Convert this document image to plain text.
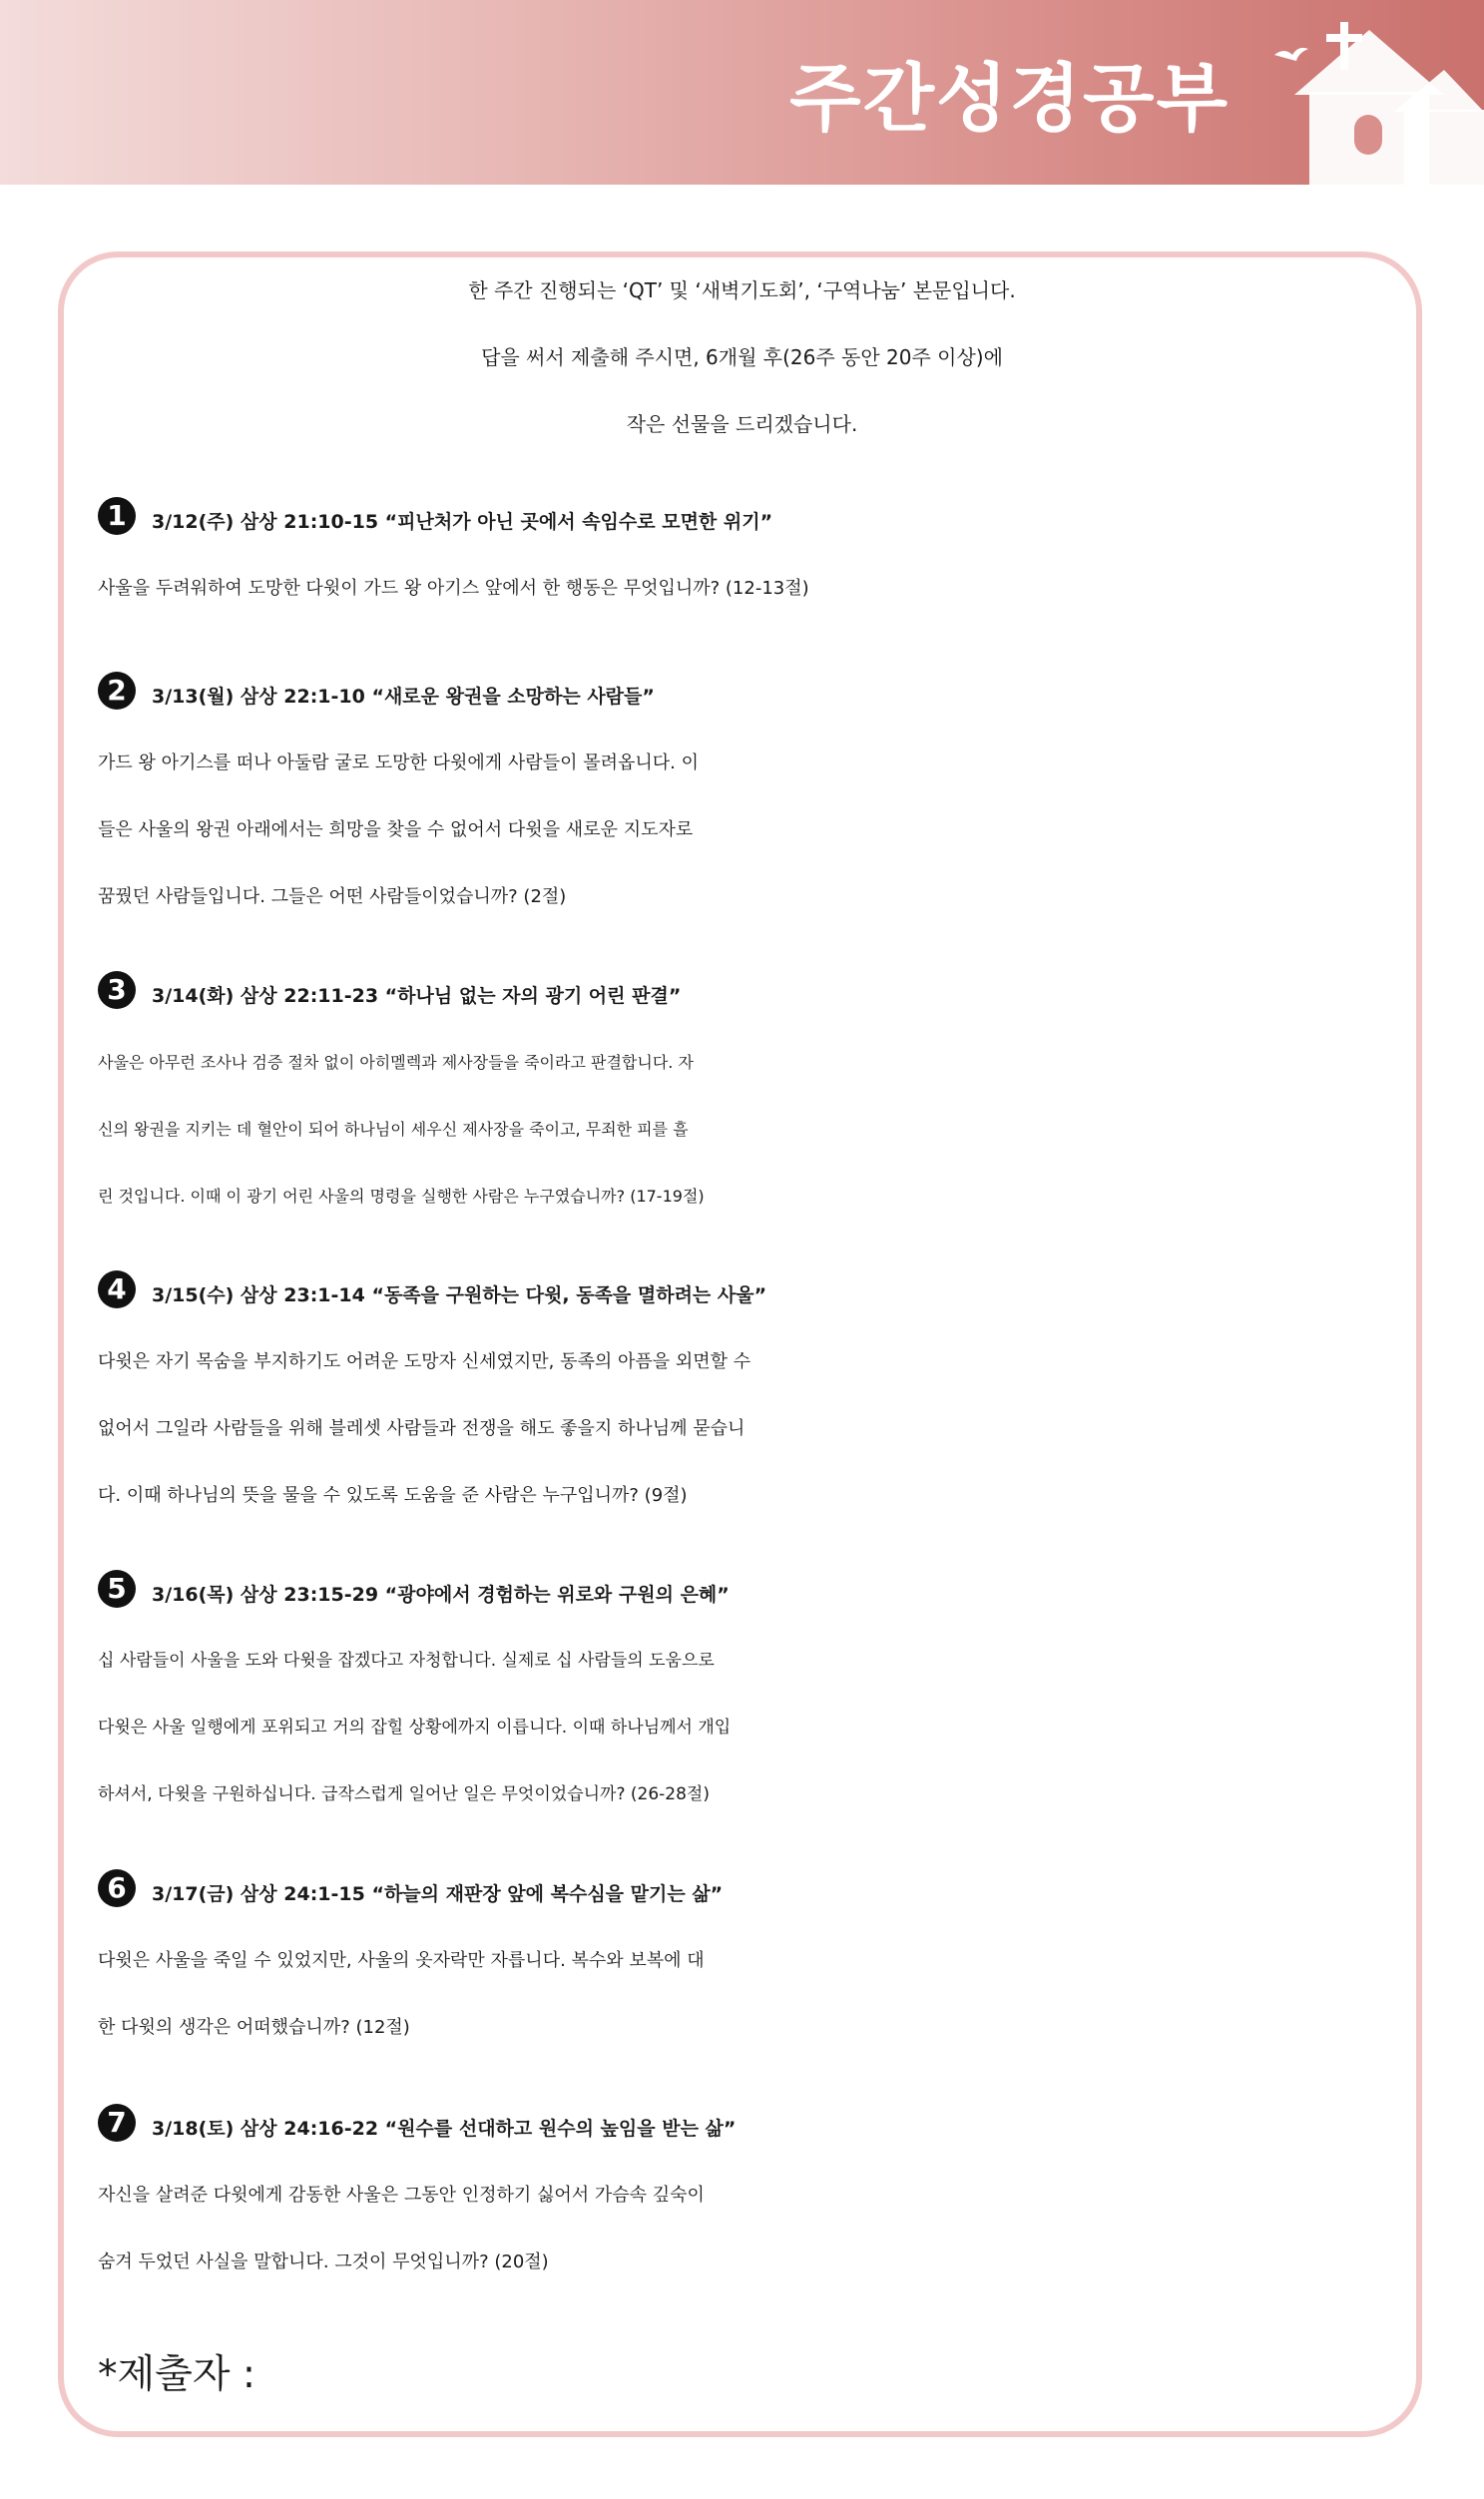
주간성경공부
한 주간 진행되는 ‘QT’ 및 ‘새벽기도회’, ‘구역나눔’ 본문입니다.
답을 써서 제출해 주시면, 6개월 후(26주 동안 20주 이상)에
작은 선물을 드리겠습니다.
1 3/12(주) 삼상 21:10-15 “피난처가 아닌 곳에서 속임수로 모면한 위기”
사울을 두려워하여 도망한 다윗이 가드 왕 아기스 앞에서 한 행동은 무엇입니까? (12-13절)
2 3/13(월) 삼상 22:1-10 “새로운 왕권을 소망하는 사람들”
가드 왕 아기스를 떠나 아둘람 굴로 도망한 다윗에게 사람들이 몰려옵니다. 이
들은 사울의 왕권 아래에서는 희망을 찾을 수 없어서 다윗을 새로운 지도자로
꿈꿨던 사람들입니다. 그들은 어떤 사람들이었습니까? (2절)
3 3/14(화) 삼상 22:11-23 “하나님 없는 자의 광기 어린 판결”
사울은 아무런 조사나 검증 절차 없이 아히멜렉과 제사장들을 죽이라고 판결합니다. 자
신의 왕권을 지키는 데 혈안이 되어 하나님이 세우신 제사장을 죽이고, 무죄한 피를 흘
린 것입니다. 이때 이 광기 어린 사울의 명령을 실행한 사람은 누구였습니까? (17-19절)
4 3/15(수) 삼상 23:1-14 “동족을 구원하는 다윗, 동족을 멸하려는 사울”
다윗은 자기 목숨을 부지하기도 어려운 도망자 신세였지만, 동족의 아픔을 외면할 수
없어서 그일라 사람들을 위해 블레셋 사람들과 전쟁을 해도 좋을지 하나님께 묻습니
다. 이때 하나님의 뜻을 물을 수 있도록 도움을 준 사람은 누구입니까? (9절)
5 3/16(목) 삼상 23:15-29 “광야에서 경험하는 위로와 구원의 은혜”
십 사람들이 사울을 도와 다윗을 잡겠다고 자청합니다. 실제로 십 사람들의 도움으로
다윗은 사울 일행에게 포위되고 거의 잡힐 상황에까지 이릅니다. 이때 하나님께서 개입
하셔서, 다윗을 구원하십니다. 급작스럽게 일어난 일은 무엇이었습니까? (26-28절)
6 3/17(금) 삼상 24:1-15 “하늘의 재판장 앞에 복수심을 맡기는 삶”
다윗은 사울을 죽일 수 있었지만, 사울의 옷자락만 자릅니다. 복수와 보복에 대
한 다윗의 생각은 어떠했습니까? (12절)
7 3/18(토) 삼상 24:16-22 “원수를 선대하고 원수의 높임을 받는 삶”
자신을 살려준 다윗에게 감동한 사울은 그동안 인정하기 싫어서 가슴속 깊숙이
숨겨 두었던 사실을 말합니다. 그것이 무엇입니까? (20절)
*제출자 :
